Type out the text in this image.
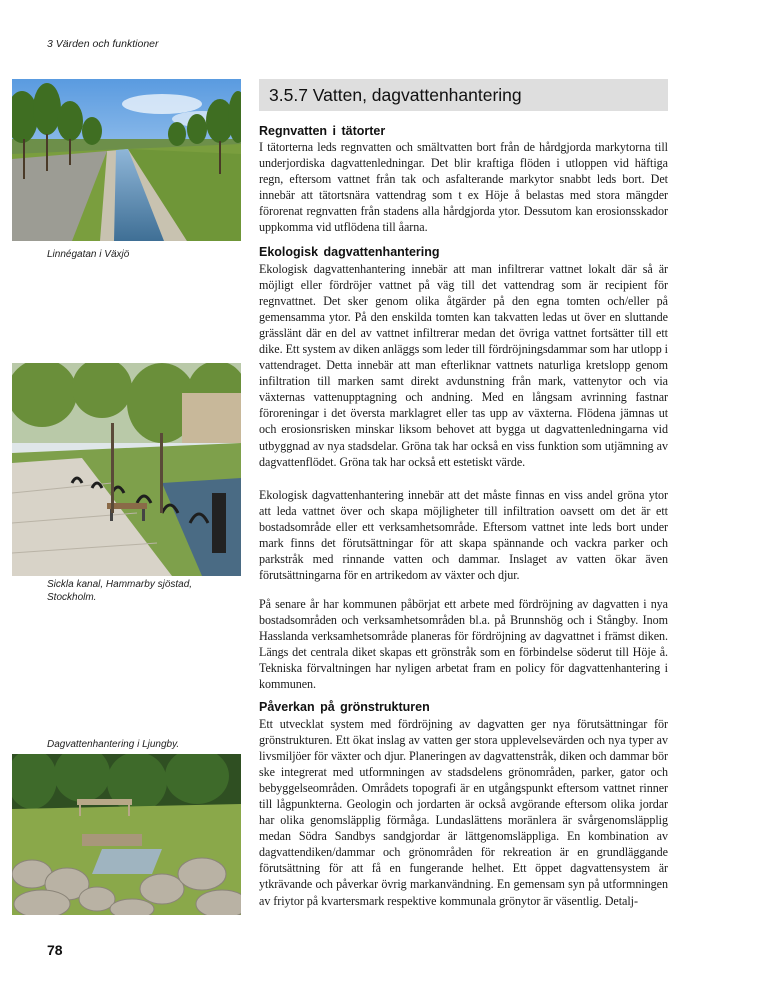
3 Värden och funktioner
Linnégatan i Växjö
Sickla kanal, Hammarby sjöstad, Stockholm.
Dagvattenhantering i Ljungby.
3.5.7 Vatten, dagvattenhantering
Regnvatten i tätorter

I tätorterna leds regnvatten och smältvatten bort från de hårdgjorda markytorna till underjordiska dagvattenledningar. Det blir kraftiga flöden i utloppen vid häftiga regn, eftersom vattnet från tak och asfalterande markytor snabbt leds bort. Det innebär att tätortsnära vattendrag som t ex Höje å belastas med stora mängder förorenat regnvatten från stadens alla hårdgjorda ytor. Dessutom kan erosionsskador uppkomma vid utflödena till åarna.

Ekologisk dagvattenhantering

Ekologisk dagvattenhantering innebär att man infiltrerar vattnet lokalt där så är möjligt eller fördröjer vattnet på väg till det vattendrag som är recipient för regnvattnet. Det sker genom olika åtgärder på den egna tomten och/eller på gemensamma ytor. På den enskilda tomten kan takvatten ledas ut över en sluttande grässlänt där en del av vattnet infiltrerar medan det övriga vattnet fortsätter till ett dike. Ett system av diken anläggs som leder till fördröjningsdammar som har utlopp i vattendraget. Detta innebär att man efterliknar vattnets naturliga kretslopp genom infiltration till marken samt direkt avdunstning från mark, vattenytor och via växternas vattenupptagning och andning. Med en långsam avrinning fastnar föroreningar i det översta marklagret eller tas upp av växterna. Flödena jämnas ut och erosionsrisken minskar liksom behovet att bygga ut dagvattenledningarna vid utbyggnad av nya stadsdelar. Gröna tak har också en viss funktion som utjämning av dagvattenflödet. Gröna tak har också ett estetiskt värde.

Ekologisk dagvattenhantering innebär att det måste finnas en viss andel gröna ytor att leda vattnet över och skapa möjligheter till infiltration oavsett om det är ett bostadsområde eller ett verksamhetsområde. Eftersom vattnet inte leds bort under mark finns det förutsättningar för att skapa spännande och vackra parker och parkstråk med rinnande vatten och dammar. Inslaget av vatten ökar även förutsättningarna för en artrikedom av växter och djur.

På senare år har kommunen påbörjat ett arbete med fördröjning av dagvatten i nya bostadsområden och verksamhetsområden bl.a. på Brunnshög och i Stångby. Inom Hasslanda verksamhetsområde planeras för fördröjning av dagvattnet i främst diken. Längs det centrala diket skapas ett grönstråk som en förbindelse söderut till Höje å. Tekniska förvaltningen har nyligen arbetat fram en policy för dagvattenhantering i kommunen.

Påverkan på grönstrukturen

Ett utvecklat system med fördröjning av dagvatten ger nya förutsättningar för grönstrukturen. Ett ökat inslag av vatten ger stora upplevelsevärden och nya typer av livsmiljöer för växter och djur. Planeringen av dagvattenstråk, diken och dammar bör ske integrerat med utformningen av stadsdelens grönområden, parker, gator och bebyggelseområden. Områdets topografi är en utgångspunkt eftersom vattnet rinner till lågpunkterna. Geologin och jordarten är också avgörande eftersom olika jordar har olika genomsläpplig förmåga. Lundaslättens moränlera är svårgenomsläpplig medan Södra Sandbys sandgjordar är lättgenomsläppliga. En kombination av dagvattendiken/dammar och grönområden för rekreation är en grundläggande förutsättning för att få en fungerande helhet. Ett öppet dagvattensystem är ytkrävande och påverkar övrig markanvändning. En gemensam syn på utformningen av friytor på kvartersmark respektive kommunala grönytor är väsentlig. Detalj-

78
